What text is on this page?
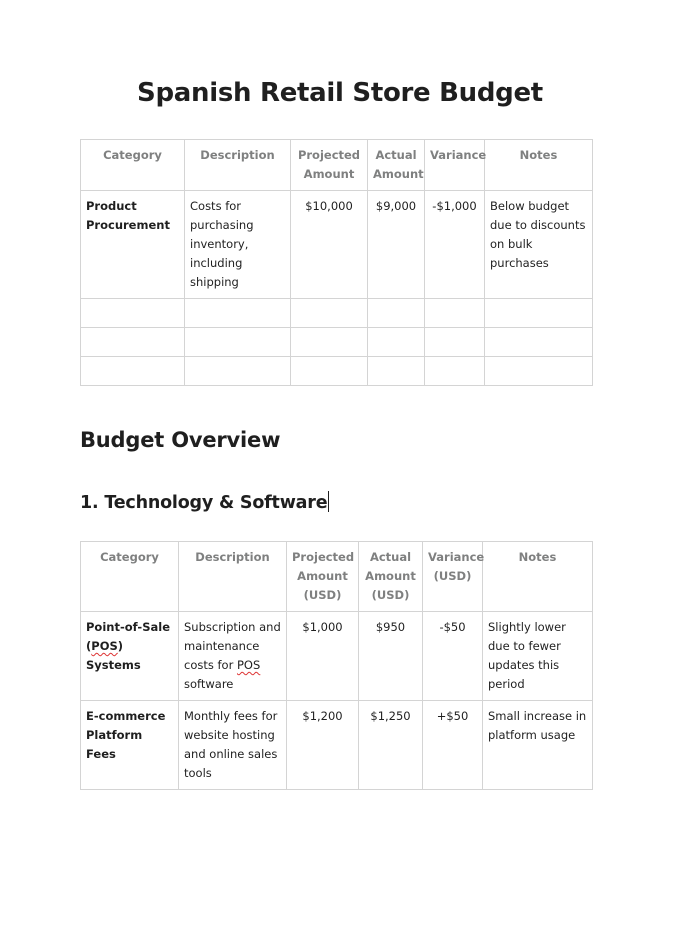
Spanish Retail Store Budget
Category	Description	Projected Amount	Actual Amount	Variance	Notes
Product Procurement	Costs for purchasing inventory, including shipping	$10,000	$9,000	-$1,000	Below budget due to discounts on bulk purchases

Budget Overview
1. Technology & Software
Category	Description	Projected Amount (USD)	Actual Amount (USD)	Variance (USD)	Notes
Point-of-Sale (POS) Systems	Subscription and maintenance costs for POS software	$1,000	$950	-$50	Slightly lower due to fewer updates this period
E-commerce Platform Fees	Monthly fees for website hosting and online sales tools	$1,200	$1,250	+$50	Small increase in platform usage
